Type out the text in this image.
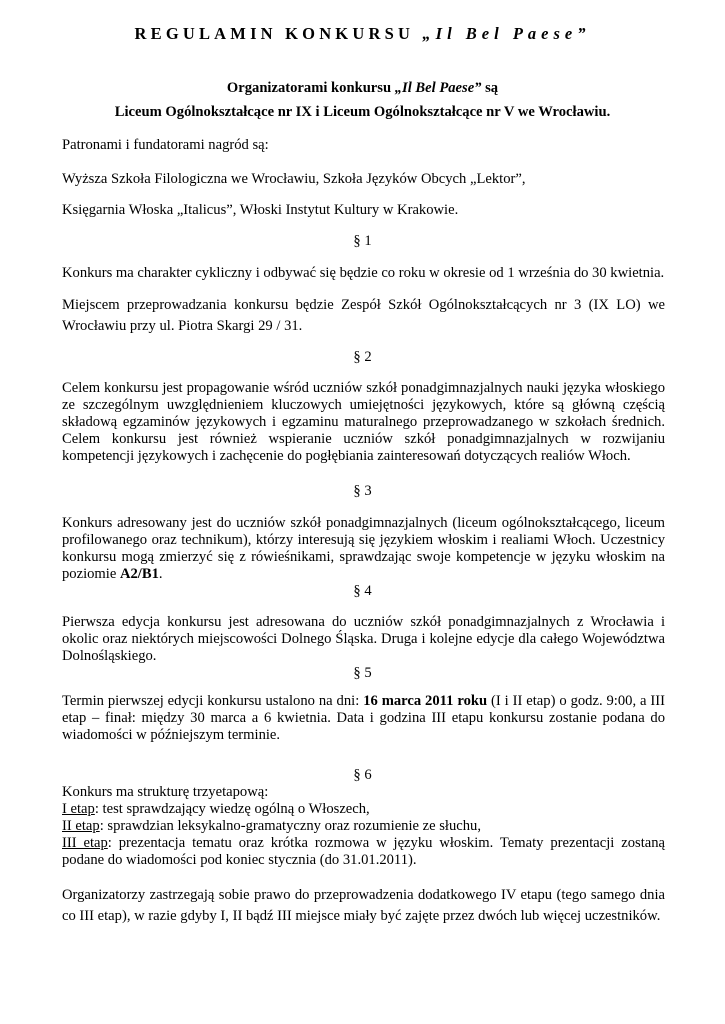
REGULAMIN KONKURSU „Il Bel Paese”

Organizatorami konkursu „Il Bel Paese” są

Liceum Ogólnokształcące nr IX i Liceum Ogólnokształcące nr V we Wrocławiu.

Patronami i fundatorami nagród są:

Wyższa Szkoła Filologiczna we Wrocławiu, Szkoła Języków Obcych „Lektor”,

Księgarnia Włoska „Italicus”, Włoski Instytut Kultury w Krakowie.

§ 1

Konkurs ma charakter cykliczny i odbywać się będzie co roku w okresie od 1 września do 30 kwietnia.

Miejscem przeprowadzania konkursu będzie Zespół Szkół Ogólnokształcących nr 3 (IX LO) we

Wrocławiu przy ul. Piotra Skargi 29 / 31.

§ 2

Celem konkursu jest propagowanie wśród uczniów szkół ponadgimnazjalnych nauki języka włoskiego ze szczególnym uwzględnieniem kluczowych umiejętności językowych, które są główną częścią składową egzaminów językowych i egzaminu maturalnego przeprowadzanego w szkołach średnich. Celem konkursu jest również wspieranie uczniów szkół ponadgimnazjalnych w rozwijaniu kompetencji językowych i zachęcenie do pogłębiania zainteresowań dotyczących realiów Włoch.

§ 3

Konkurs adresowany jest do uczniów szkół ponadgimnazjalnych (liceum ogólnokształcącego, liceum profilowanego oraz technikum), którzy interesują się językiem włoskim i realiami Włoch. Uczestnicy konkursu mogą zmierzyć się z rówieśnikami, sprawdzając swoje kompetencje w języku włoskim na poziomie A2/B1.

§ 4

Pierwsza edycja konkursu jest adresowana do uczniów szkół ponadgimnazjalnych z Wrocławia i okolic oraz niektórych miejscowości Dolnego Śląska. Druga i kolejne edycje dla całego Województwa Dolnośląskiego.

§ 5

Termin pierwszej edycji konkursu ustalono na dni: 16 marca 2011 roku (I i II etap) o godz. 9:00, a III etap – finał: między 30 marca a 6 kwietnia. Data i godzina III etapu konkursu zostanie podana do wiadomości w późniejszym terminie.

§ 6

Konkurs ma strukturę trzyetapową:

I etap: test sprawdzający wiedzę ogólną o Włoszech,

II etap: sprawdzian leksykalno-gramatyczny oraz rozumienie ze słuchu,

III etap: prezentacja tematu oraz krótka rozmowa w języku włoskim. Tematy prezentacji zostaną podane do wiadomości pod koniec stycznia (do 31.01.2011).

Organizatorzy zastrzegają sobie prawo do przeprowadzenia dodatkowego IV etapu (tego samego dnia co III etap), w razie gdyby I, II bądź III miejsce miały być zajęte przez dwóch lub więcej uczestników.
